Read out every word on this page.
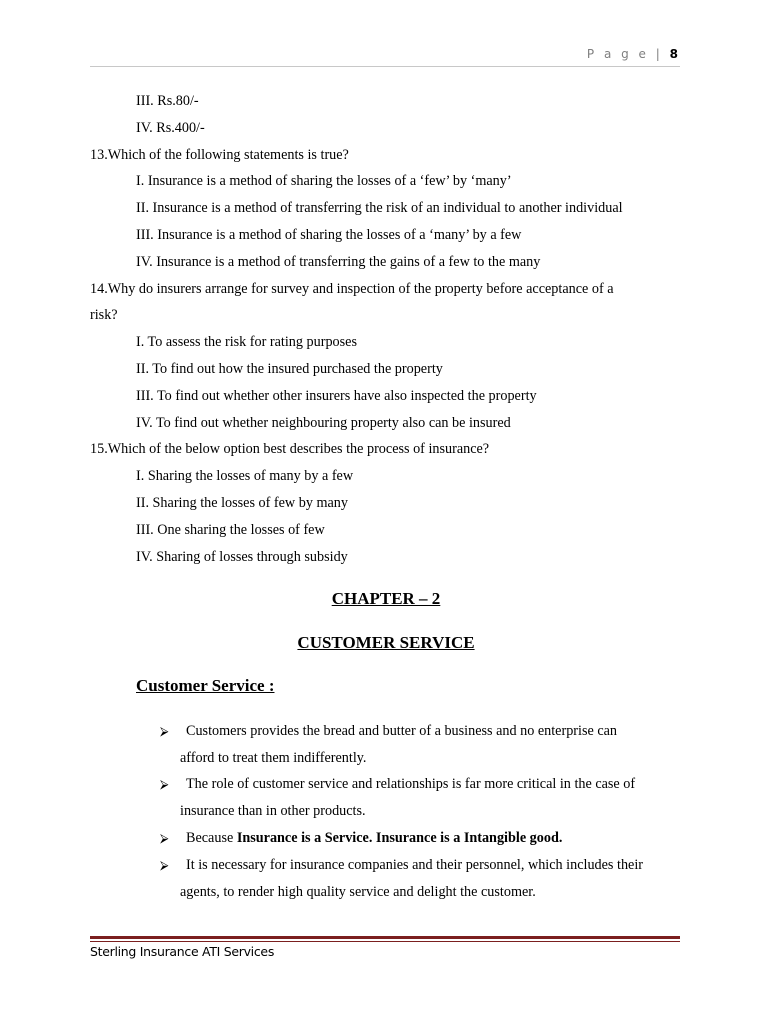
P a g e | 8
III. Rs.80/-
IV. Rs.400/-
13.Which of the following statements is true?
I. Insurance is a method of sharing the losses of a ‘few’ by ‘many’
II. Insurance is a method of transferring the risk of an individual to another individual
III. Insurance is a method of sharing the losses of a ‘many’ by a few
IV. Insurance is a method of transferring the gains of a few to the many
14.Why do insurers arrange for survey and inspection of the property before acceptance of a
risk?
I. To assess the risk for rating purposes
II. To find out how the insured purchased the property
III. To find out whether other insurers have also inspected the property
IV. To find out whether neighbouring property also can be insured
15.Which of the below option best describes the process of insurance?
I. Sharing the losses of many by a few
II. Sharing the losses of few by many
III. One sharing the losses of few
IV. Sharing of losses through subsidy
CHAPTER – 2
CUSTOMER SERVICE
Customer Service :
⮚ Customers provides the bread and butter of a business and no enterprise can
afford to treat them indifferently.
⮚ The role of customer service and relationships is far more critical in the case of
insurance than in other products.
⮚ Because Insurance is a Service. Insurance is a Intangible good.
⮚ It is necessary for insurance companies and their personnel, which includes their
agents, to render high quality service and delight the customer.
Sterling Insurance ATI Services
